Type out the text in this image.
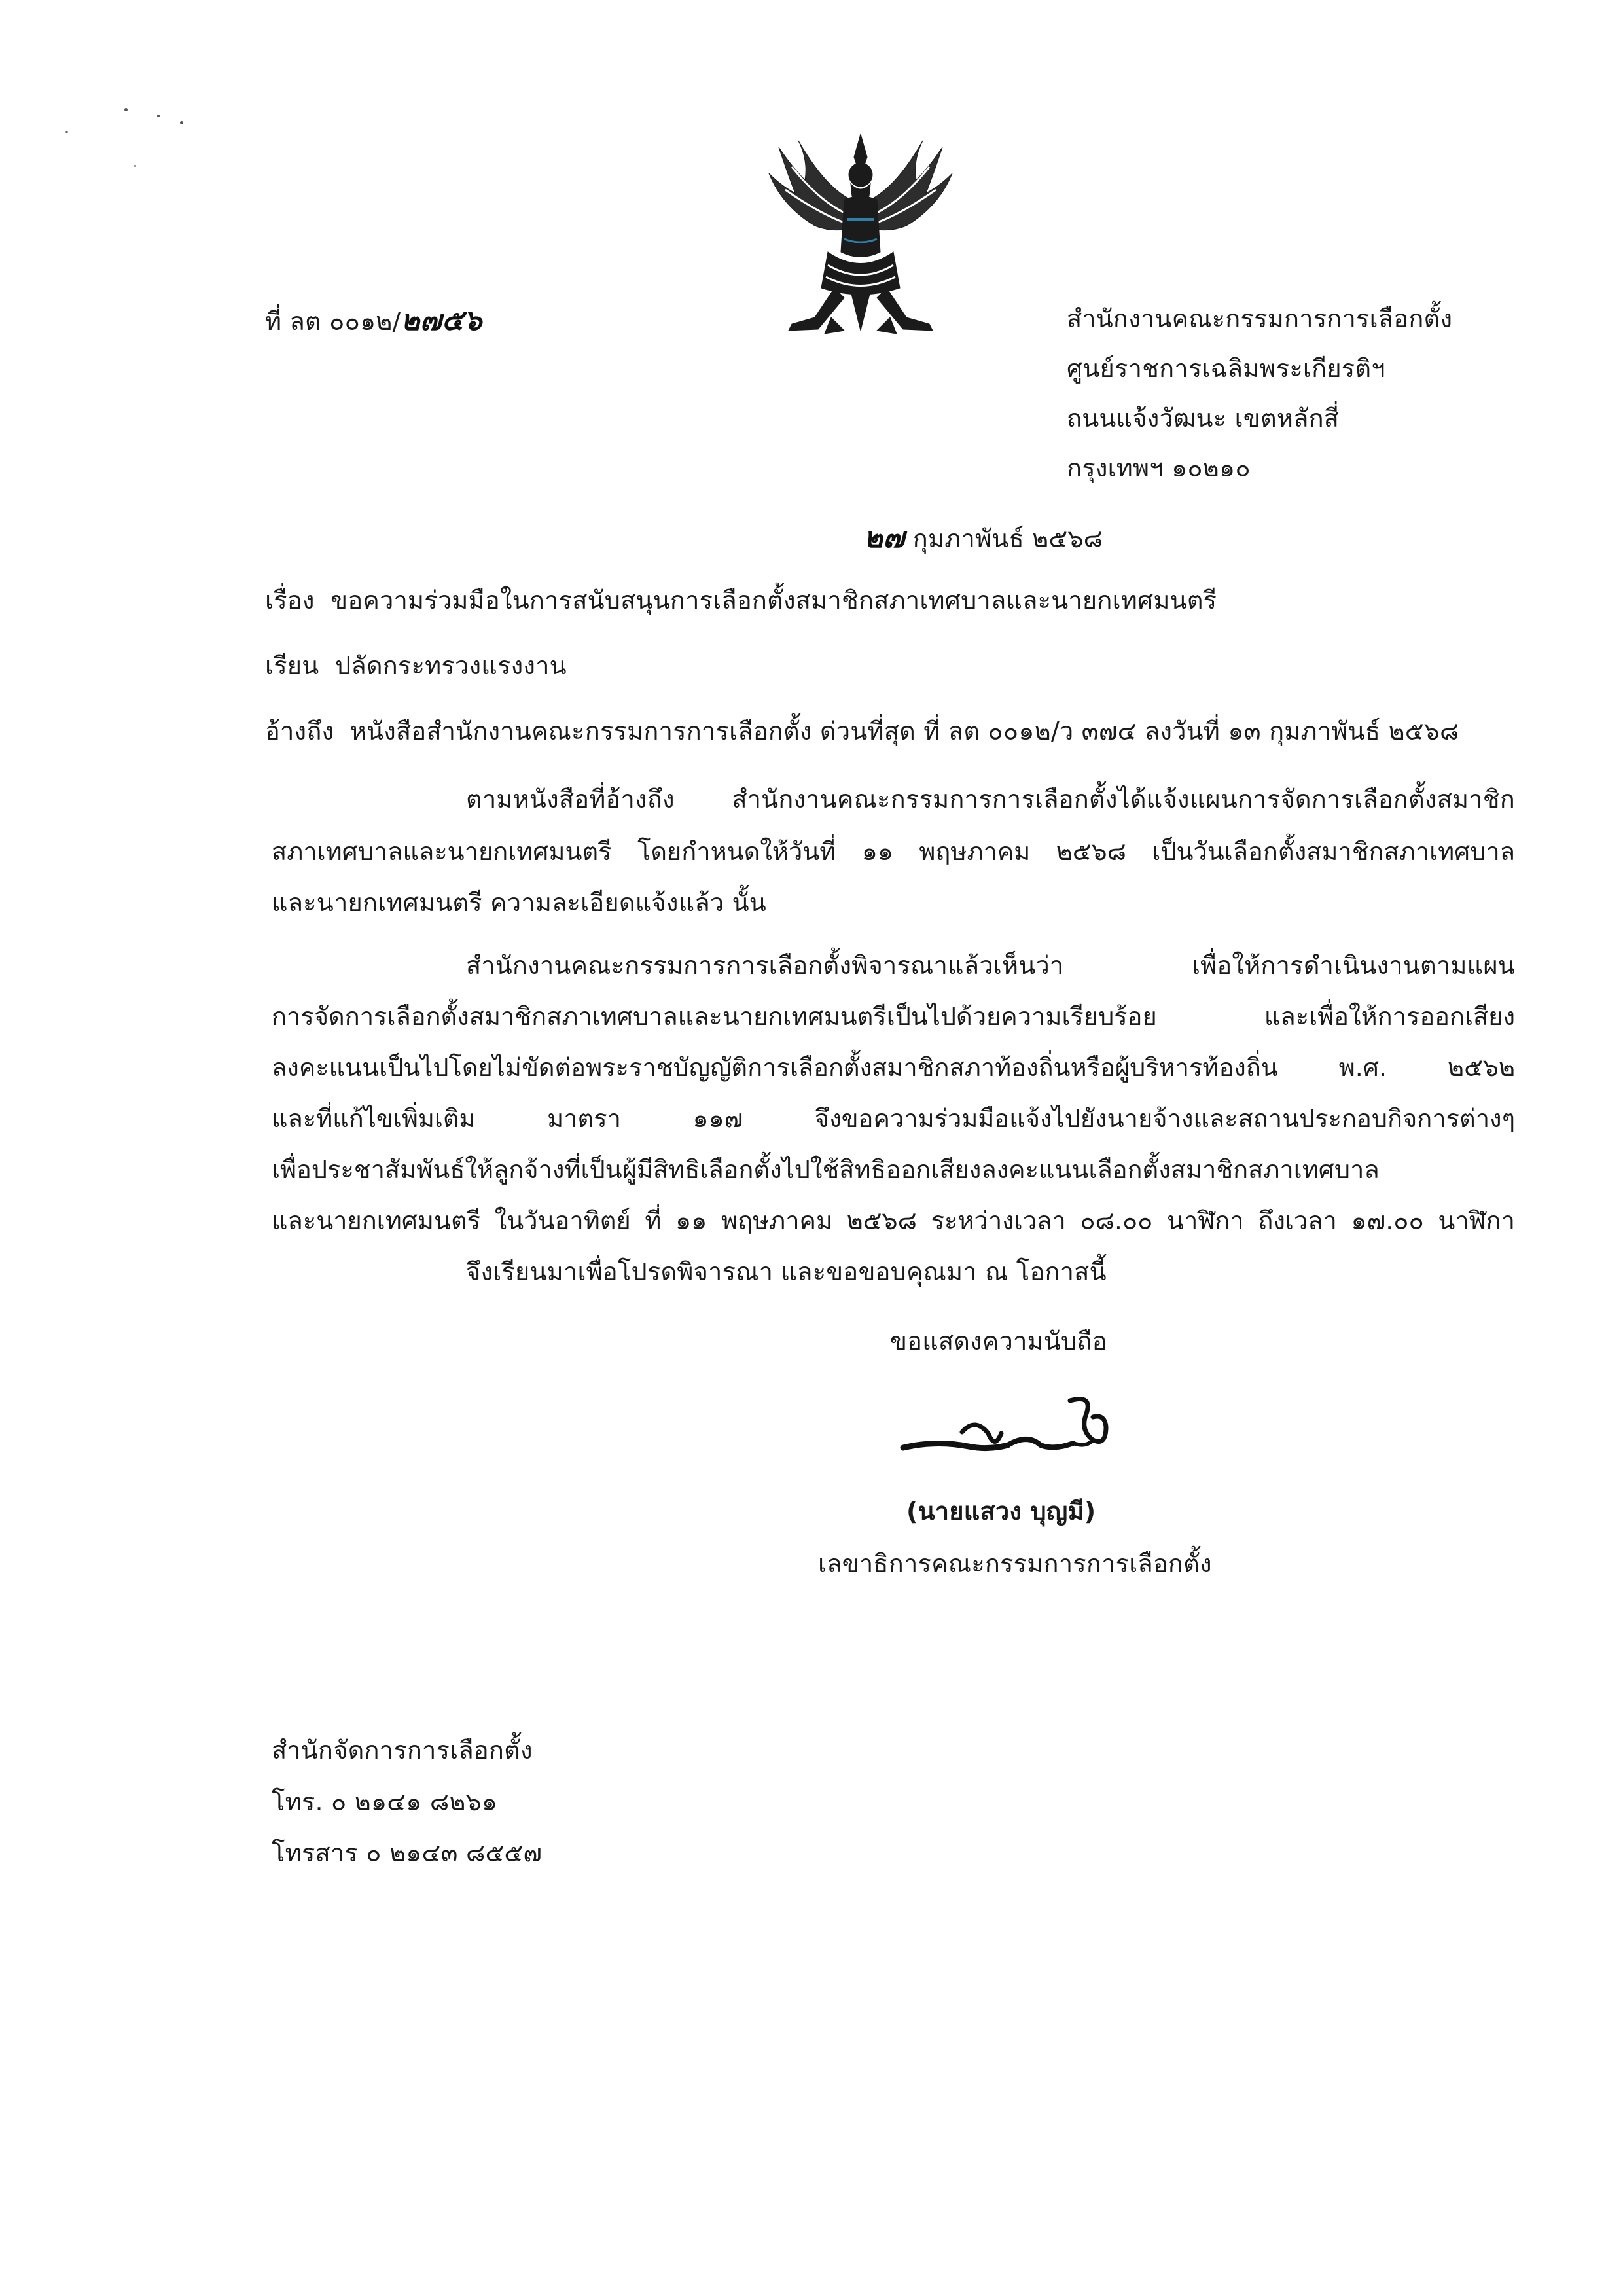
ที่ ลต ๐๐๑๒/๒๗๕๖	สำนักงานคณะกรรมการการเลือกตั้ง
ศูนย์ราชการเฉลิมพระเกียรติฯ
ถนนแจ้งวัฒนะ เขตหลักสี่
กรุงเทพฯ ๑๐๒๑๐
๒๗ กุมภาพันธ์ ๒๕๖๘
เรื่อง ขอความร่วมมือในการสนับสนุนการเลือกตั้งสมาชิกสภาเทศบาลและนายกเทศมนตรี
เรียน ปลัดกระทรวงแรงงาน
อ้างถึง หนังสือสำนักงานคณะกรรมการการเลือกตั้ง ด่วนที่สุด ที่ ลต ๐๐๑๒/ว ๓๗๔ ลงวันที่ ๑๓ กุมภาพันธ์ ๒๕๖๘
ตามหนังสือที่อ้างถึง สำนักงานคณะกรรมการการเลือกตั้งได้แจ้งแผนการจัดการเลือกตั้งสมาชิก
สภาเทศบาลและนายกเทศมนตรี โดยกำหนดให้วันที่ ๑๑ พฤษภาคม ๒๕๖๘ เป็นวันเลือกตั้งสมาชิกสภาเทศบาล
และนายกเทศมนตรี ความละเอียดแจ้งแล้ว นั้น
สำนักงานคณะกรรมการการเลือกตั้งพิจารณาแล้วเห็นว่า เพื่อให้การดำเนินงานตามแผน
การจัดการเลือกตั้งสมาชิกสภาเทศบาลและนายกเทศมนตรีเป็นไปด้วยความเรียบร้อย และเพื่อให้การออกเสียง
ลงคะแนนเป็นไปโดยไม่ขัดต่อพระราชบัญญัติการเลือกตั้งสมาชิกสภาท้องถิ่นหรือผู้บริหารท้องถิ่น พ.ศ. ๒๕๖๒
และที่แก้ไขเพิ่มเติม มาตรา ๑๑๗ จึงขอความร่วมมือแจ้งไปยังนายจ้างและสถานประกอบกิจการต่างๆ
เพื่อประชาสัมพันธ์ให้ลูกจ้างที่เป็นผู้มีสิทธิเลือกตั้งไปใช้สิทธิออกเสียงลงคะแนนเลือกตั้งสมาชิกสภาเทศบาล
และนายกเทศมนตรี ในวันอาทิตย์ ที่ ๑๑ พฤษภาคม ๒๕๖๘ ระหว่างเวลา ๐๘.๐๐ นาฬิกา ถึงเวลา ๑๗.๐๐ นาฬิกา
จึงเรียนมาเพื่อโปรดพิจารณา และขอขอบคุณมา ณ โอกาสนี้
ขอแสดงความนับถือ
(นายแสวง บุญมี)
เลขาธิการคณะกรรมการการเลือกตั้ง
สำนักจัดการการเลือกตั้ง
โทร. ๐ ๒๑๔๑ ๘๒๖๑
โทรสาร ๐ ๒๑๔๓ ๘๕๕๗
